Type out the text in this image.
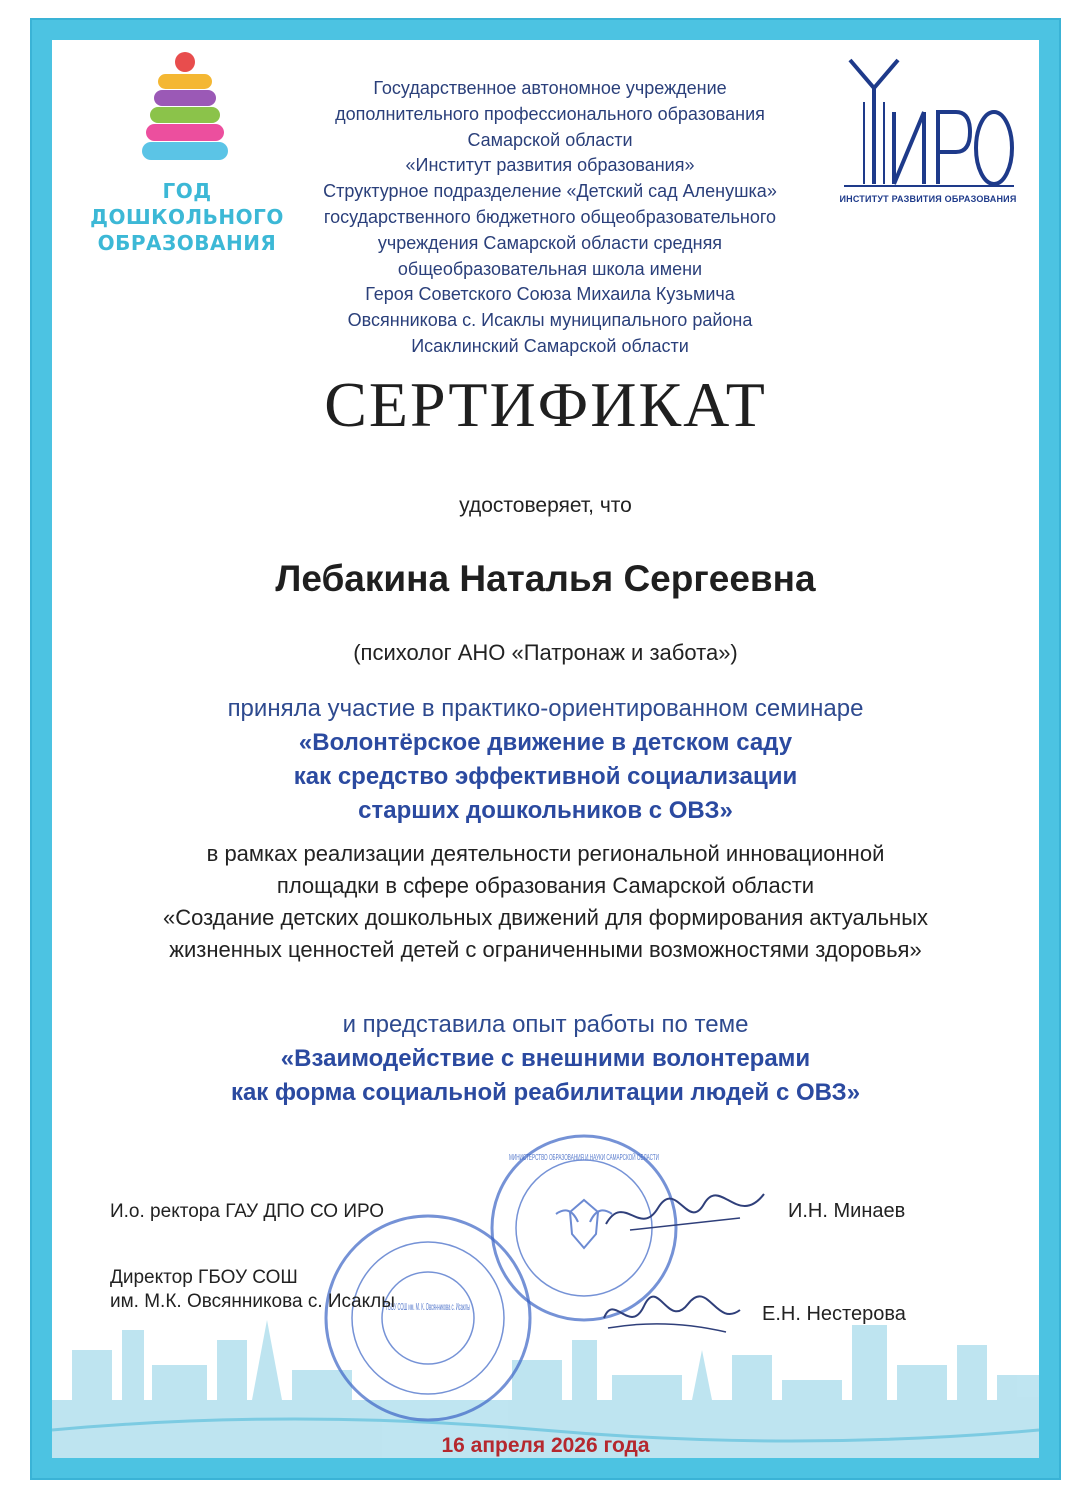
ГОД ДОШКОЛЬНОГО
ОБРАЗОВАНИЯ
ИНСТИТУТ РАЗВИТИЯ ОБРАЗОВАНИЯ
Государственное автономное учреждение
дополнительного профессионального образования
Самарской области
«Институт развития образования»
Структурное подразделение «Детский сад Аленушка»
государственного бюджетного общеобразовательного
учреждения Самарской области средняя
общеобразовательная школа имени
Героя Советского Союза Михаила Кузьмича
Овсянникова с. Исаклы муниципального района
Исаклинский Самарской области
СЕРТИФИКАТ
удостоверяет, что
Лебакина Наталья Сергеевна
(психолог АНО «Патронаж и забота»)
приняла участие в практико-ориентированном семинаре
«Волонтёрское движение в детском саду
как средство эффективной социализации
старших дошкольников с ОВЗ»
в рамках реализации деятельности региональной инновационной
площадки в сфере образования Самарской области
«Создание детских дошкольных движений для формирования актуальных
жизненных ценностей детей с ограниченными возможностями здоровья»
и представила опыт работы по теме
«Взаимодействие с внешними волонтерами
как форма социальной реабилитации людей с ОВЗ»
ГБОУ СОШ им. М. К. Овсянникова с. Исаклы
МИНИСТЕРСТВО ОБРАЗОВАНИЯ И НАУКИ САМАРСКОЙ ОБЛАСТИ
И.о. ректора ГАУ ДПО СО ИРО	И.Н. Минаев
Директор ГБОУ СОШ
им. М.К. Овсянникова с. Исаклы
Е.Н. Нестерова
16 апреля 2026 года
